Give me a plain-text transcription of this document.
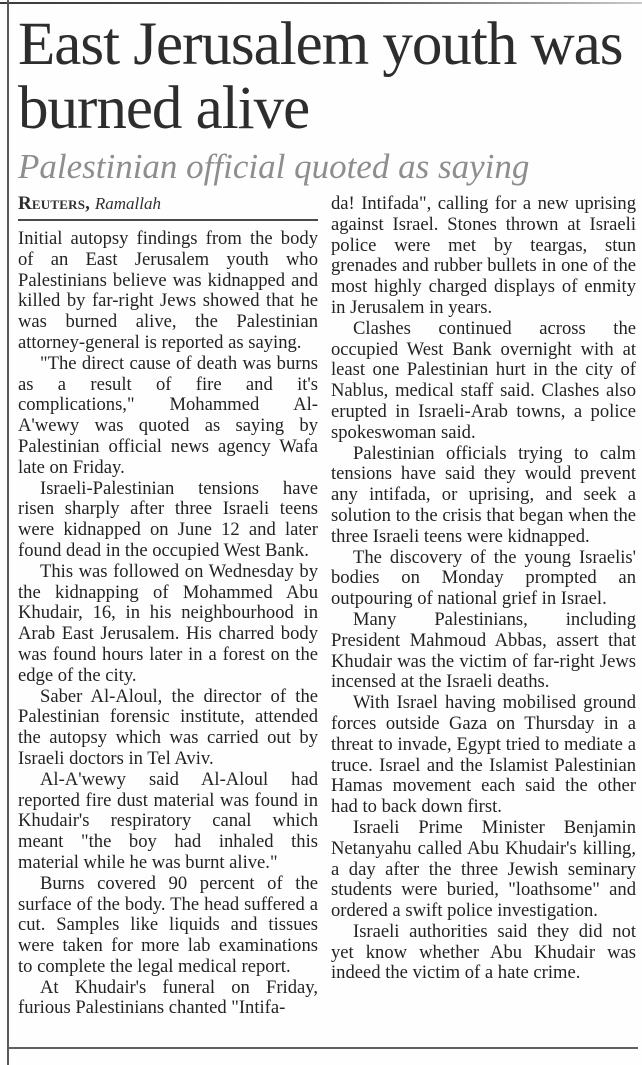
East Jerusalem youth was burned alive
Palestinian official quoted as saying
Reuters, Ramallah

Initial autopsy findings from the body of an East Jerusalem youth who Palestinians believe was kidnapped and killed by far-right Jews showed that he was burned alive, the Palestinian attorney-general is reported as saying.

"The direct cause of death was burns as a result of fire and it's complications," Mohammed Al-A'wewy was quoted as saying by Palestinian official news agency Wafa late on Friday.

Israeli-Palestinian tensions have risen sharply after three Israeli teens were kidnapped on June 12 and later found dead in the occupied West Bank.

This was followed on Wednesday by the kidnapping of Mohammed Abu Khudair, 16, in his neighbourhood in Arab East Jerusalem. His charred body was found hours later in a forest on the edge of the city.

Saber Al-Aloul, the director of the Palestinian forensic institute, attended the autopsy which was carried out by Israeli doctors in Tel Aviv.

Al-A'wewy said Al-Aloul had reported fire dust material was found in Khudair's respiratory canal which meant "the boy had inhaled this material while he was burnt alive."

Burns covered 90 percent of the surface of the body. The head suffered a cut. Samples like liquids and tissues were taken for more lab examinations to complete the legal medical report.

At Khudair's funeral on Friday, furious Palestinians chanted "Intifa-

da! Intifada", calling for a new uprising against Israel. Stones thrown at Israeli police were met by teargas, stun grenades and rubber bullets in one of the most highly charged displays of enmity in Jerusalem in years.

Clashes continued across the occupied West Bank overnight with at least one Palestinian hurt in the city of Nablus, medical staff said. Clashes also erupted in Israeli-Arab towns, a police spokeswoman said.

Palestinian officials trying to calm tensions have said they would prevent any intifada, or uprising, and seek a solution to the crisis that began when the three Israeli teens were kidnapped.

The discovery of the young Israelis' bodies on Monday prompted an outpouring of national grief in Israel.

Many Palestinians, including President Mahmoud Abbas, assert that Khudair was the victim of far-right Jews incensed at the Israeli deaths.

With Israel having mobilised ground forces outside Gaza on Thursday in a threat to invade, Egypt tried to mediate a truce. Israel and the Islamist Palestinian Hamas movement each said the other had to back down first.

Israeli Prime Minister Benjamin Netanyahu called Abu Khudair's killing, a day after the three Jewish seminary students were buried, "loathsome" and ordered a swift police investigation.

Israeli authorities said they did not yet know whether Abu Khudair was indeed the victim of a hate crime.
